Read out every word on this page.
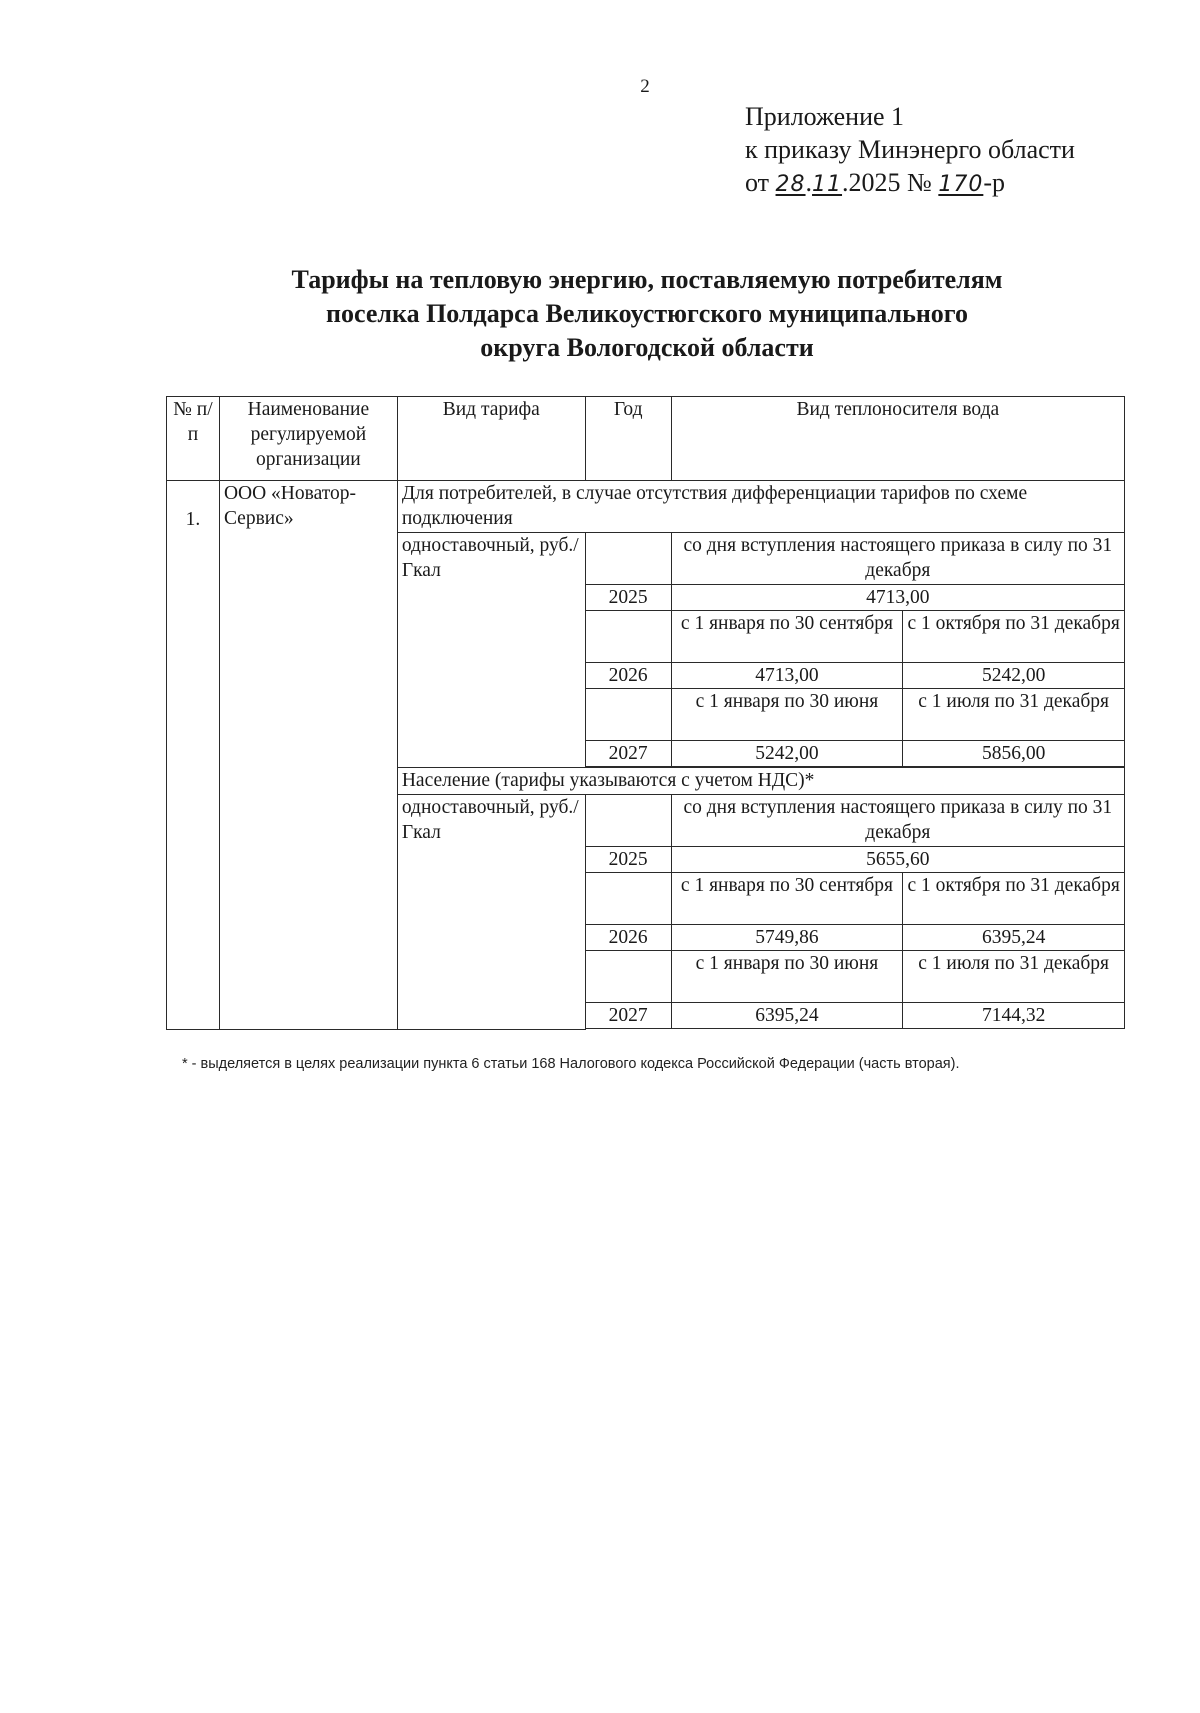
2
Приложение 1
к приказу Минэнерго области
от 28.11.2025 № 170-р
Тарифы на тепловую энергию, поставляемую потребителям
поселка Полдарса Великоустюгского муниципального
округа Вологодской области
№ п/п	Наименование регулируемой организации	Вид тарифа	Год	Вид теплоносителя вода	

1.	ООО «Новатор-Сервис»	Для потребителей, в случае отсутствия дифференциации тарифов по схеме подключения			
		одноставочный, руб./Гкал		со дня вступления настоящего приказа в силу по 31 декабря	
			2025	4713,00	
				с 1 января по 30 сентября	с 1 октября по 31 декабря
			2026	4713,00	5242,00
				с 1 января по 30 июня	с 1 июля по 31 декабря
			2027	5242,00	5856,00

		Население (тарифы указываются с учетом НДС)*			
		одноставочный, руб./Гкал		со дня вступления настоящего приказа в силу по 31 декабря	
			2025	5655,60	
				с 1 января по 30 сентября	с 1 октября по 31 декабря
			2026	5749,86	6395,24
				с 1 января по 30 июня	с 1 июля по 31 декабря
			2027	6395,24	7144,32

* - выделяется в целях реализации пункта 6 статьи 168 Налогового кодекса Российской Федерации (часть вторая).
